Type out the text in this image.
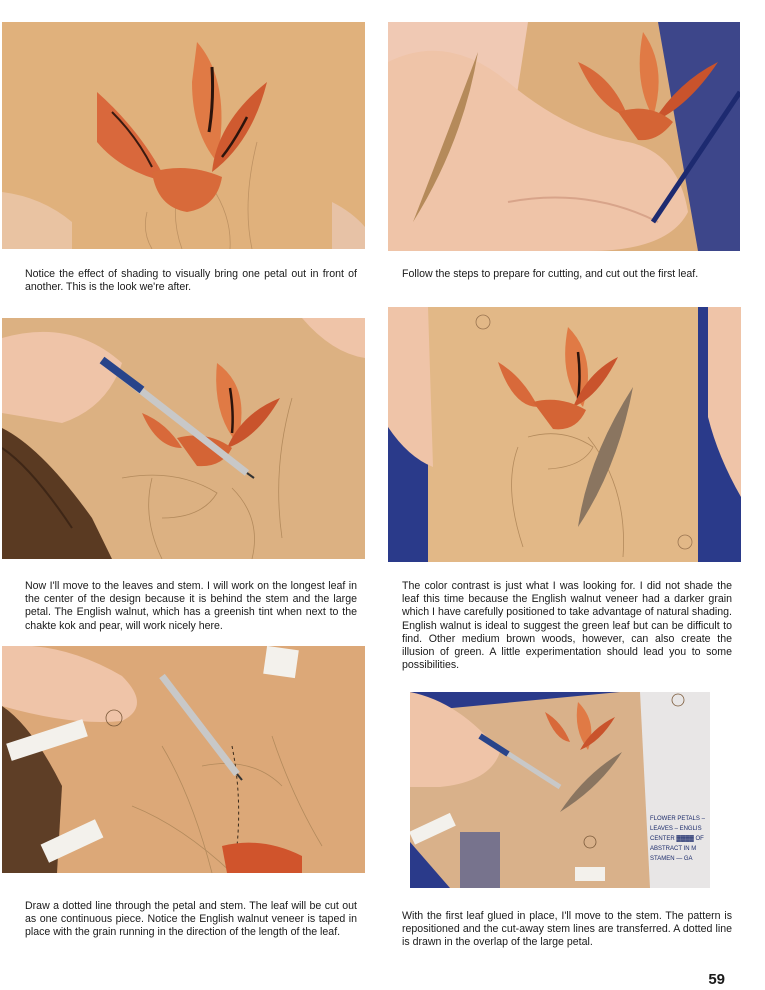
Notice the effect of shading to visually bring one petal out in front of another. This is the look we're after.

Follow the steps to prepare for cutting, and cut out the first leaf.

Now I'll move to the leaves and stem. I will work on the longest leaf in the center of the design because it is behind the stem and the large petal. The English walnut, which has a greenish tint when next to the chakte kok and pear, will work nicely here.

The color contrast is just what I was looking for. I did not shade the leaf this time because the English walnut veneer had a darker grain which I have carefully positioned to take advantage of natural shading. English walnut is ideal to suggest the green leaf but can be difficult to find. Other medium brown woods, however, can also create the illusion of green. A little experimentation should lead you to some possibilities.

FLOWER PETALS –
LEAVES – ENGLIS
CENTER ▓▓▓▓ OF
ABSTRACT IN M
STAMEN — GA

Draw a dotted line through the petal and stem. The leaf will be cut out as one continuous piece. Notice the English walnut veneer is taped in place with the grain running in the direction of the length of the leaf.

With the first leaf glued in place, I'll move to the stem. The pattern is repositioned and the cut-away stem lines are transferred. A dotted line is drawn in the overlap of the large petal.

59
